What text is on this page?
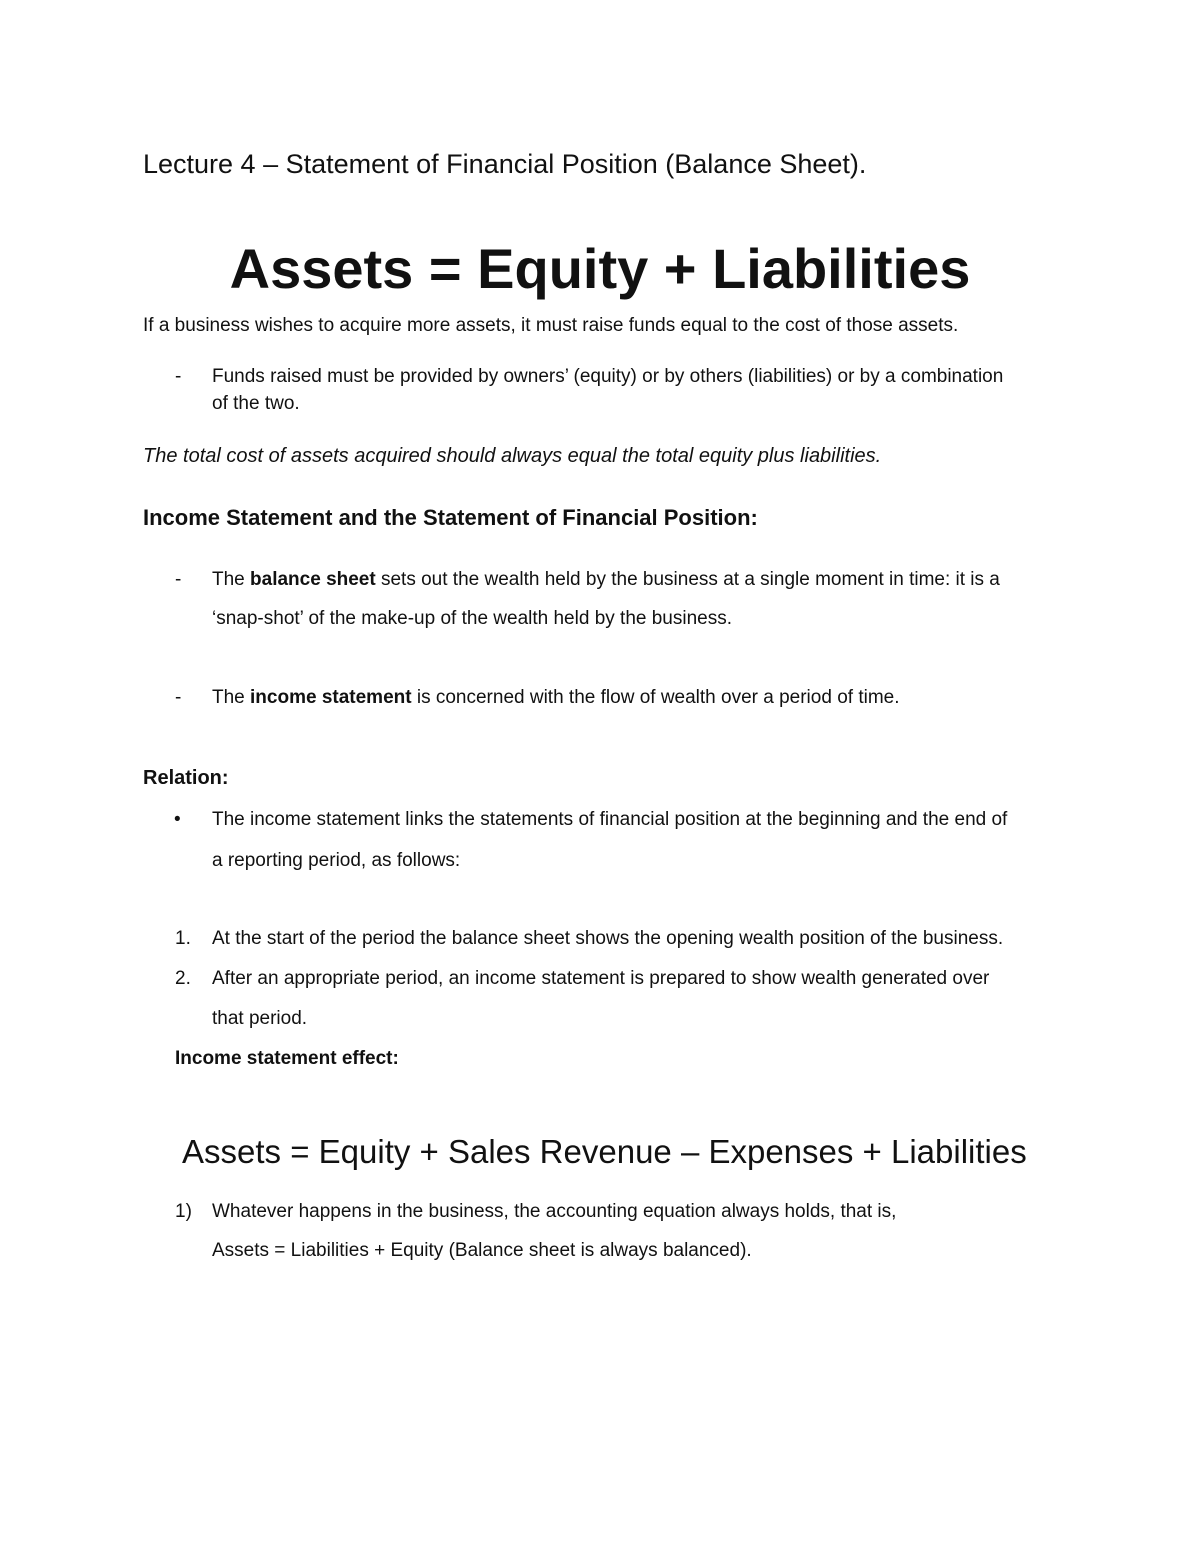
Lecture 4 – Statement of Financial Position (Balance Sheet).
Assets = Equity + Liabilities
If a business wishes to acquire more assets, it must raise funds equal to the cost of those assets.
- Funds raised must be provided by owners’ (equity) or by others (liabilities) or by a combination
of the two.
The total cost of assets acquired should always equal the total equity plus liabilities.
Income Statement and the Statement of Financial Position:
- The balance sheet sets out the wealth held by the business at a single moment in time: it is a
‘snap-shot’ of the make-up of the wealth held by the business.
- The income statement is concerned with the flow of wealth over a period of time.
Relation:
• The income statement links the statements of financial position at the beginning and the end of
a reporting period, as follows:
1. At the start of the period the balance sheet shows the opening wealth position of the business.
2. After an appropriate period, an income statement is prepared to show wealth generated over
that period.
Income statement effect:
Assets = Equity + Sales Revenue – Expenses + Liabilities
1) Whatever happens in the business, the accounting equation always holds, that is,
Assets = Liabilities + Equity (Balance sheet is always balanced).
